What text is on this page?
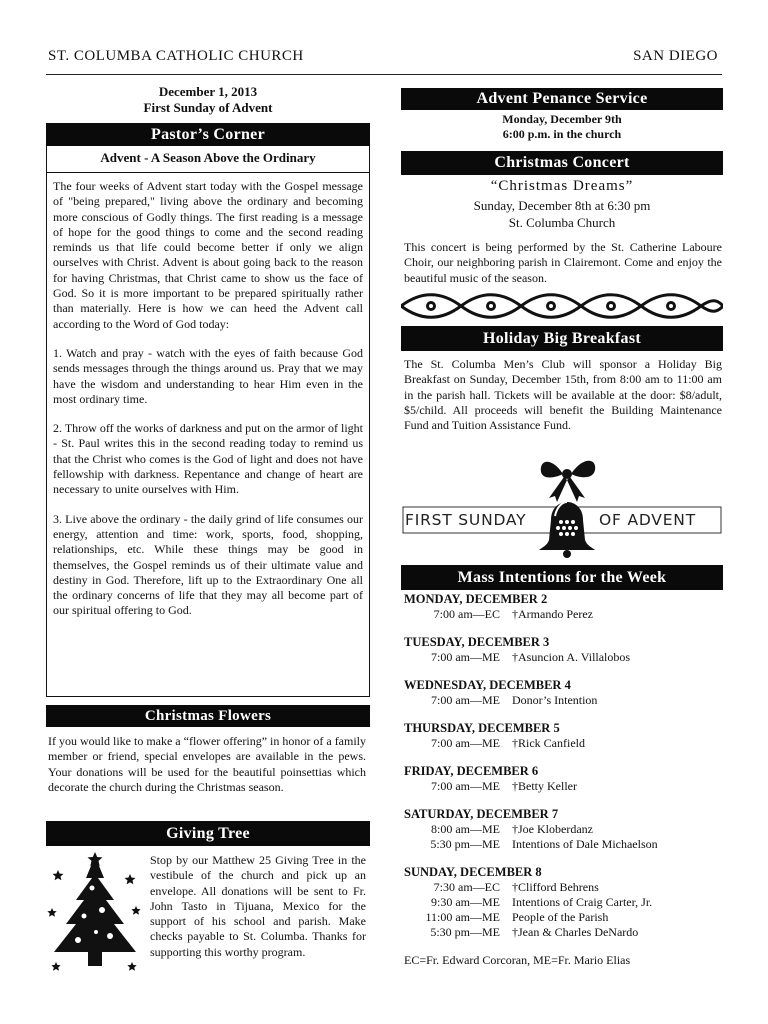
ST. COLUMBA CATHOLIC CHURCH	SAN DIEGO
December 1, 2013
First Sunday of Advent
Pastor’s Corner
Advent - A Season Above the Ordinary

The four weeks of Advent start today with the Gospel message of "being prepared," living above the ordinary and becoming more conscious of Godly things. The first reading is a message of hope for the good things to come and the second reading reminds us that life could become better if only we align ourselves with Christ. Advent is about going back to the reason for having Christmas, that Christ came to show us the face of God. So it is more important to be prepared spiritually rather than materially. Here is how we can heed the Advent call according to the Word of God today:

1. Watch and pray - watch with the eyes of faith because God sends messages through the things around us. Pray that we may have the wisdom and understanding to hear Him even in the most ordinary time.

2. Throw off the works of darkness and put on the armor of light - St. Paul writes this in the second reading today to remind us that the Christ who comes is the God of light and does not have fellowship with darkness. Repentance and change of heart are necessary to unite ourselves with Him.

3. Live above the ordinary - the daily grind of life consumes our energy, attention and time: work, sports, food, shopping, relationships, etc. While these things may be good in themselves, the Gospel reminds us of their ultimate value and destiny in God. Therefore, lift up to the Extraordinary One all the ordinary concerns of life that they may all become part of our spiritual offering to God.

Christmas Flowers
If you would like to make a “flower offering” in honor of a family member or friend, special envelopes are available in the pews. Your donations will be used for the beautiful poinsettias which decorate the church during the Christmas season.
Giving Tree
Stop by our Matthew 25 Giving Tree in the vestibule of the church and pick up an envelope. All donations will be sent to Fr. John Tasto in Tijuana, Mexico for the support of his school and parish. Make checks payable to St. Columba. Thanks for supporting this worthy program.
Advent Penance Service
Monday, December 9th
6:00 p.m. in the church
Christmas Concert
“Christmas Dreams”
Sunday, December 8th at 6:30 pm
St. Columba Church
This concert is being performed by the St. Catherine Laboure Choir, our neighboring parish in Clairemont. Come and enjoy the beautiful music of the season.
Holiday Big Breakfast
The St. Columba Men’s Club will sponsor a Holiday Big Breakfast on Sunday, December 15th, from 8:00 am to 11:00 am in the parish hall. Tickets will be available at the door: $8/adult, $5/child. All proceeds will benefit the Building Maintenance Fund and Tuition Assistance Fund.
FIRST SUNDAY	OF ADVENT
Mass Intentions for the Week
MONDAY, DECEMBER 2
7:00 am—EC	†Armando Perez
TUESDAY, DECEMBER 3
7:00 am—ME	†Asuncion A. Villalobos
WEDNESDAY, DECEMBER 4
7:00 am—ME	Donor’s Intention
THURSDAY, DECEMBER 5
7:00 am—ME	†Rick Canfield
FRIDAY, DECEMBER 6
7:00 am—ME	†Betty Keller
SATURDAY, DECEMBER 7
8:00 am—ME	†Joe Kloberdanz
5:30 pm—ME	Intentions of Dale Michaelson
SUNDAY, DECEMBER 8
7:30 am—EC	†Clifford Behrens
9:30 am—ME	Intentions of Craig Carter, Jr.
11:00 am—ME	People of the Parish
5:30 pm—ME	†Jean & Charles DeNardo
EC=Fr. Edward Corcoran, ME=Fr. Mario Elias
